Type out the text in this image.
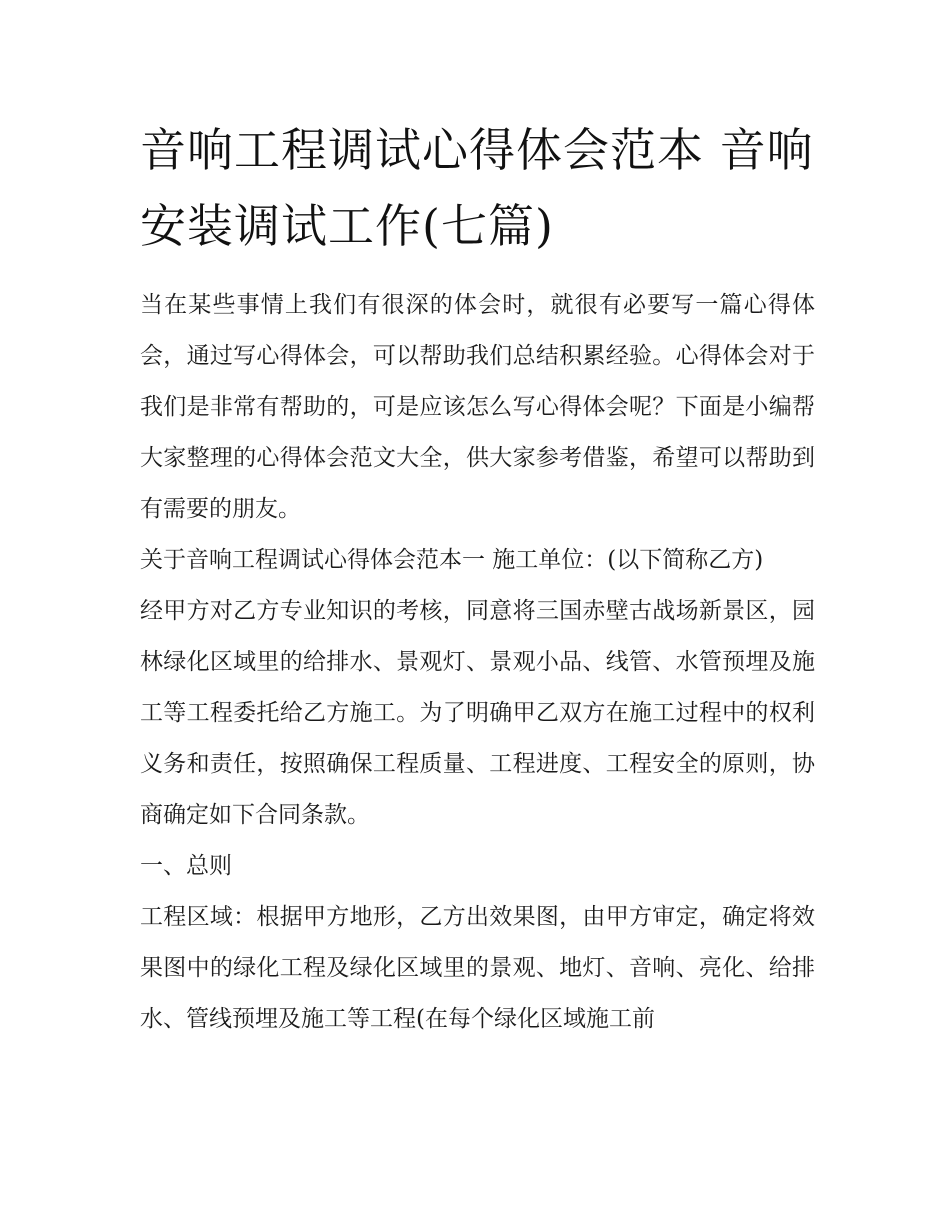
音响工程调试心得体会范本 音响安装调试工作(七篇)

当在某些事情上我们有很深的体会时，就很有必要写一篇心得体会，通过写心得体会，可以帮助我们总结积累经验。心得体会对于我们是非常有帮助的，可是应该怎么写心得体会呢？下面是小编帮大家整理的心得体会范文大全，供大家参考借鉴，希望可以帮助到有需要的朋友。

关于音响工程调试心得体会范本一 施工单位：(以下简称乙方)

经甲方对乙方专业知识的考核，同意将三国赤壁古战场新景区，园林绿化区域里的给排水、景观灯、景观小品、线管、水管预埋及施工等工程委托给乙方施工。为了明确甲乙双方在施工过程中的权利义务和责任，按照确保工程质量、工程进度、工程安全的原则，协商确定如下合同条款。

一、总则

工程区域：根据甲方地形，乙方出效果图，由甲方审定，确定将效果图中的绿化工程及绿化区域里的景观、地灯、音响、亮化、给排水、管线预埋及施工等工程(在每个绿化区域施工前
